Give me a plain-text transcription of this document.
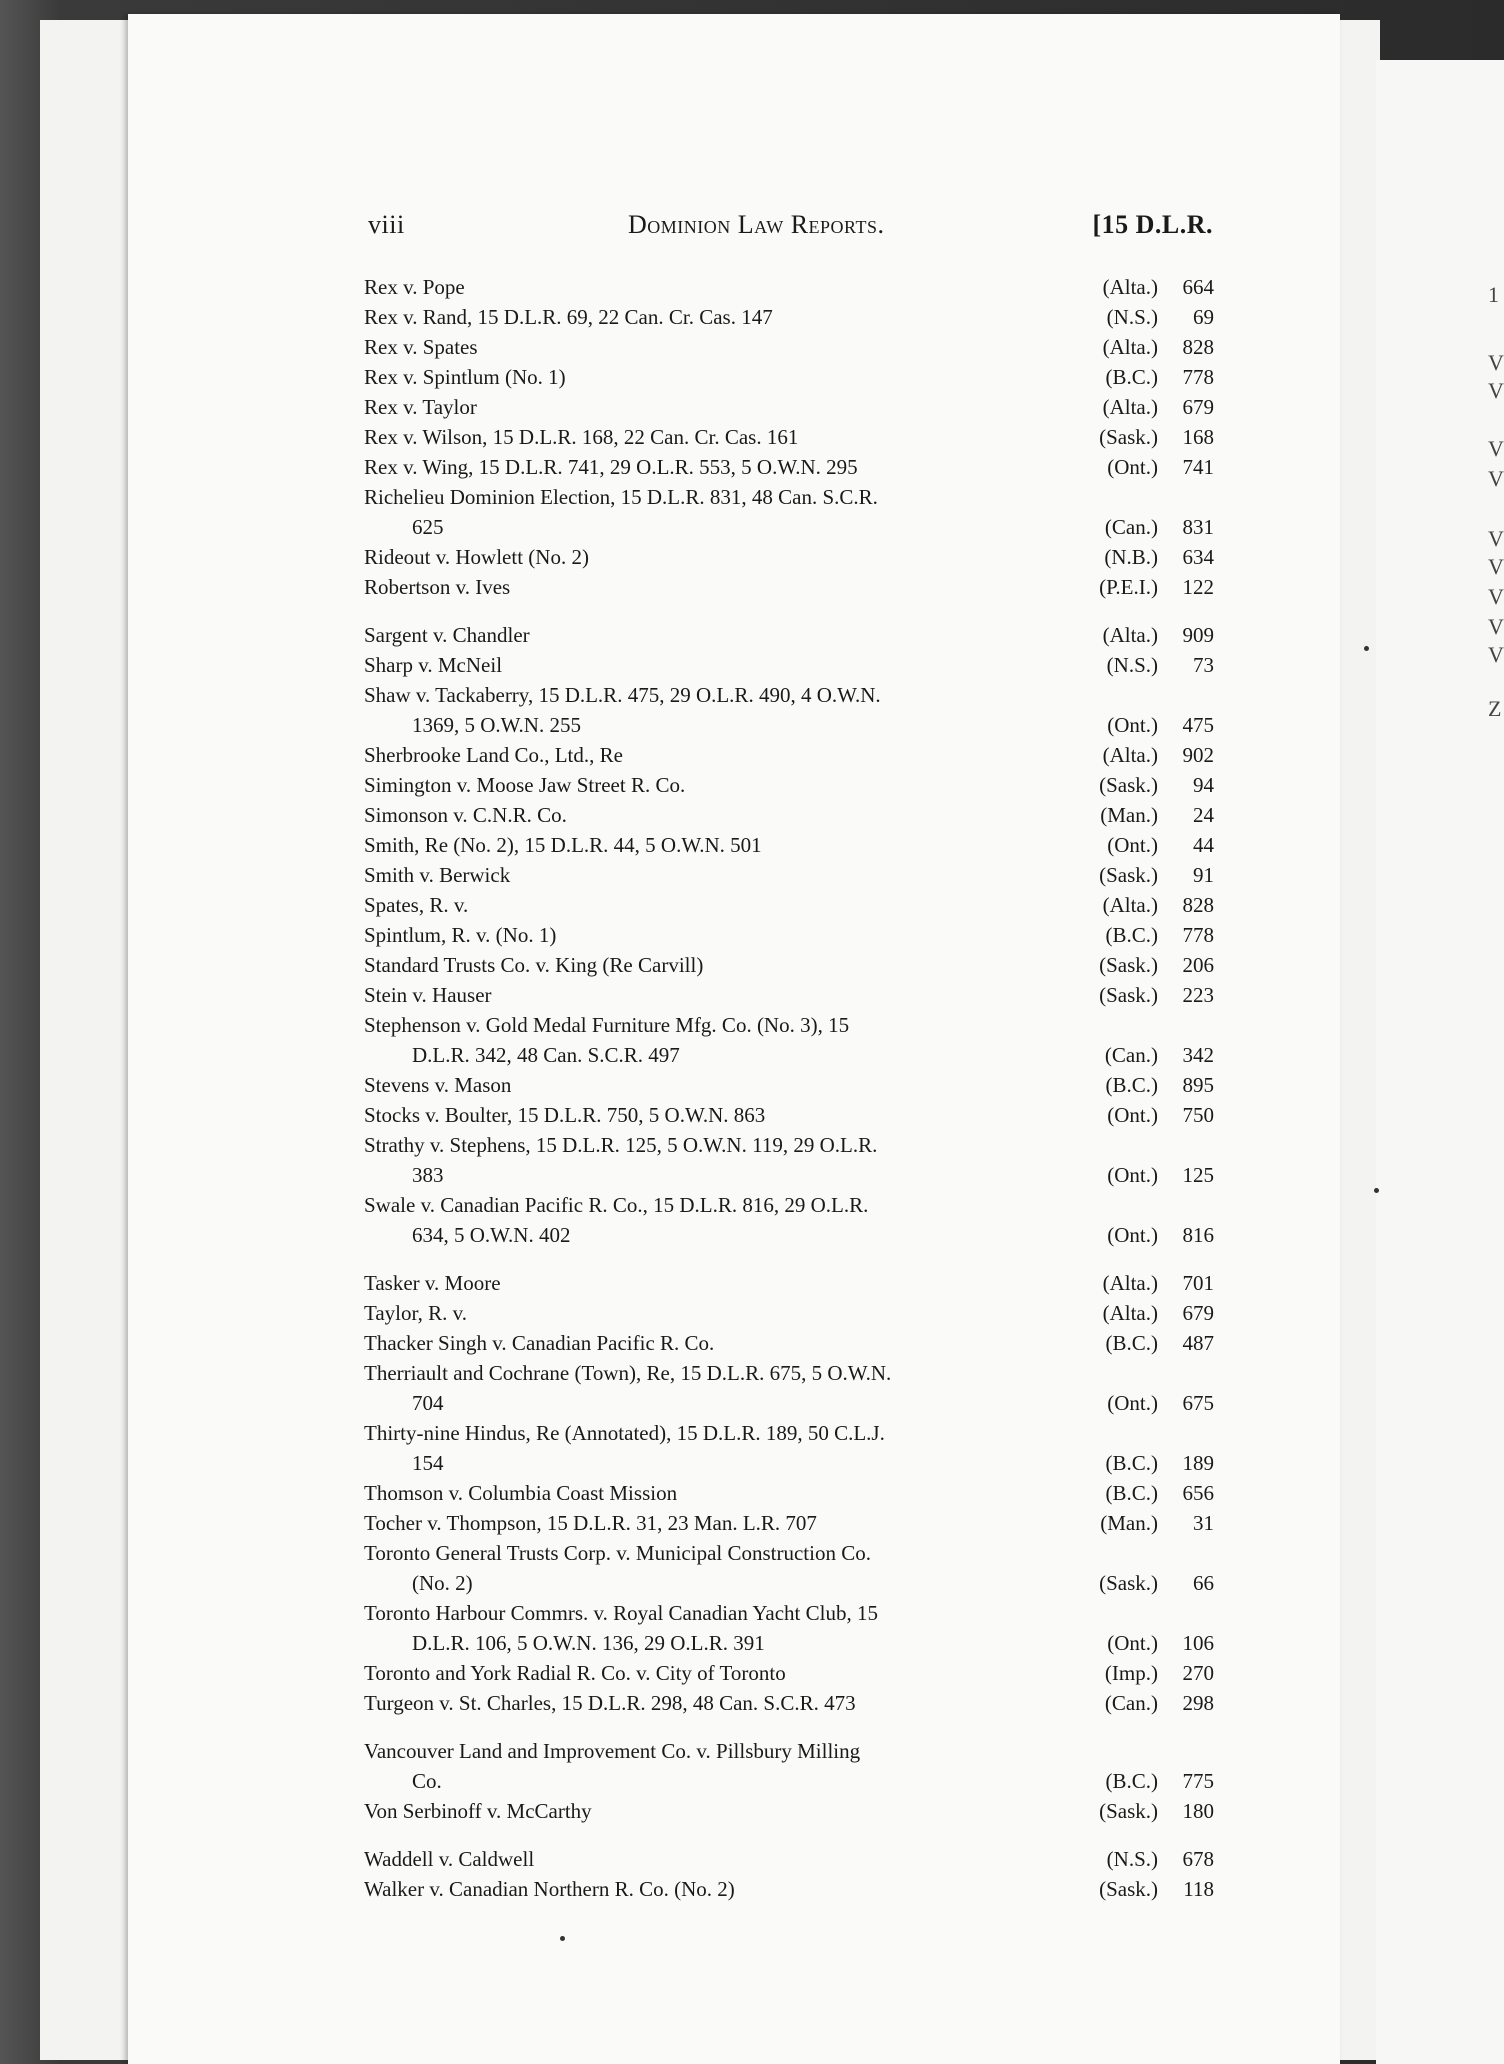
1
V
V
V
V
V
V
V
V
V
Z
viii	Dominion Law Reports.	[15 D.L.R.
Rex v. Pope	(Alta.)	664
Rex v. Rand, 15 D.L.R. 69, 22 Can. Cr. Cas. 147	(N.S.)	69
Rex v. Spates	(Alta.)	828
Rex v. Spintlum (No. 1)	(B.C.)	778
Rex v. Taylor	(Alta.)	679
Rex v. Wilson, 15 D.L.R. 168, 22 Can. Cr. Cas. 161	(Sask.)	168
Rex v. Wing, 15 D.L.R. 741, 29 O.L.R. 553, 5 O.W.N. 295	(Ont.)	741
Richelieu Dominion Election, 15 D.L.R. 831, 48 Can. S.C.R.
625	(Can.)	831
Rideout v. Howlett (No. 2)	(N.B.)	634
Robertson v. Ives	(P.E.I.)	122
Sargent v. Chandler	(Alta.)	909
Sharp v. McNeil	(N.S.)	73
Shaw v. Tackaberry, 15 D.L.R. 475, 29 O.L.R. 490, 4 O.W.N.
1369, 5 O.W.N. 255	(Ont.)	475
Sherbrooke Land Co., Ltd., Re	(Alta.)	902
Simington v. Moose Jaw Street R. Co.	(Sask.)	94
Simonson v. C.N.R. Co.	(Man.)	24
Smith, Re (No. 2), 15 D.L.R. 44, 5 O.W.N. 501	(Ont.)	44
Smith v. Berwick	(Sask.)	91
Spates, R. v.	(Alta.)	828
Spintlum, R. v. (No. 1)	(B.C.)	778
Standard Trusts Co. v. King (Re Carvill)	(Sask.)	206
Stein v. Hauser	(Sask.)	223
Stephenson v. Gold Medal Furniture Mfg. Co. (No. 3), 15
D.L.R. 342, 48 Can. S.C.R. 497	(Can.)	342
Stevens v. Mason	(B.C.)	895
Stocks v. Boulter, 15 D.L.R. 750, 5 O.W.N. 863	(Ont.)	750
Strathy v. Stephens, 15 D.L.R. 125, 5 O.W.N. 119, 29 O.L.R.
383	(Ont.)	125
Swale v. Canadian Pacific R. Co., 15 D.L.R. 816, 29 O.L.R.
634, 5 O.W.N. 402	(Ont.)	816
Tasker v. Moore	(Alta.)	701
Taylor, R. v.	(Alta.)	679
Thacker Singh v. Canadian Pacific R. Co.	(B.C.)	487
Therriault and Cochrane (Town), Re, 15 D.L.R. 675, 5 O.W.N.
704	(Ont.)	675
Thirty-nine Hindus, Re (Annotated), 15 D.L.R. 189, 50 C.L.J.
154	(B.C.)	189
Thomson v. Columbia Coast Mission	(B.C.)	656
Tocher v. Thompson, 15 D.L.R. 31, 23 Man. L.R. 707	(Man.)	31
Toronto General Trusts Corp. v. Municipal Construction Co.
(No. 2)	(Sask.)	66
Toronto Harbour Commrs. v. Royal Canadian Yacht Club, 15
D.L.R. 106, 5 O.W.N. 136, 29 O.L.R. 391	(Ont.)	106
Toronto and York Radial R. Co. v. City of Toronto	(Imp.)	270
Turgeon v. St. Charles, 15 D.L.R. 298, 48 Can. S.C.R. 473	(Can.)	298
Vancouver Land and Improvement Co. v. Pillsbury Milling
Co.	(B.C.)	775
Von Serbinoff v. McCarthy	(Sask.)	180
Waddell v. Caldwell	(N.S.)	678
Walker v. Canadian Northern R. Co. (No. 2)	(Sask.)	118
